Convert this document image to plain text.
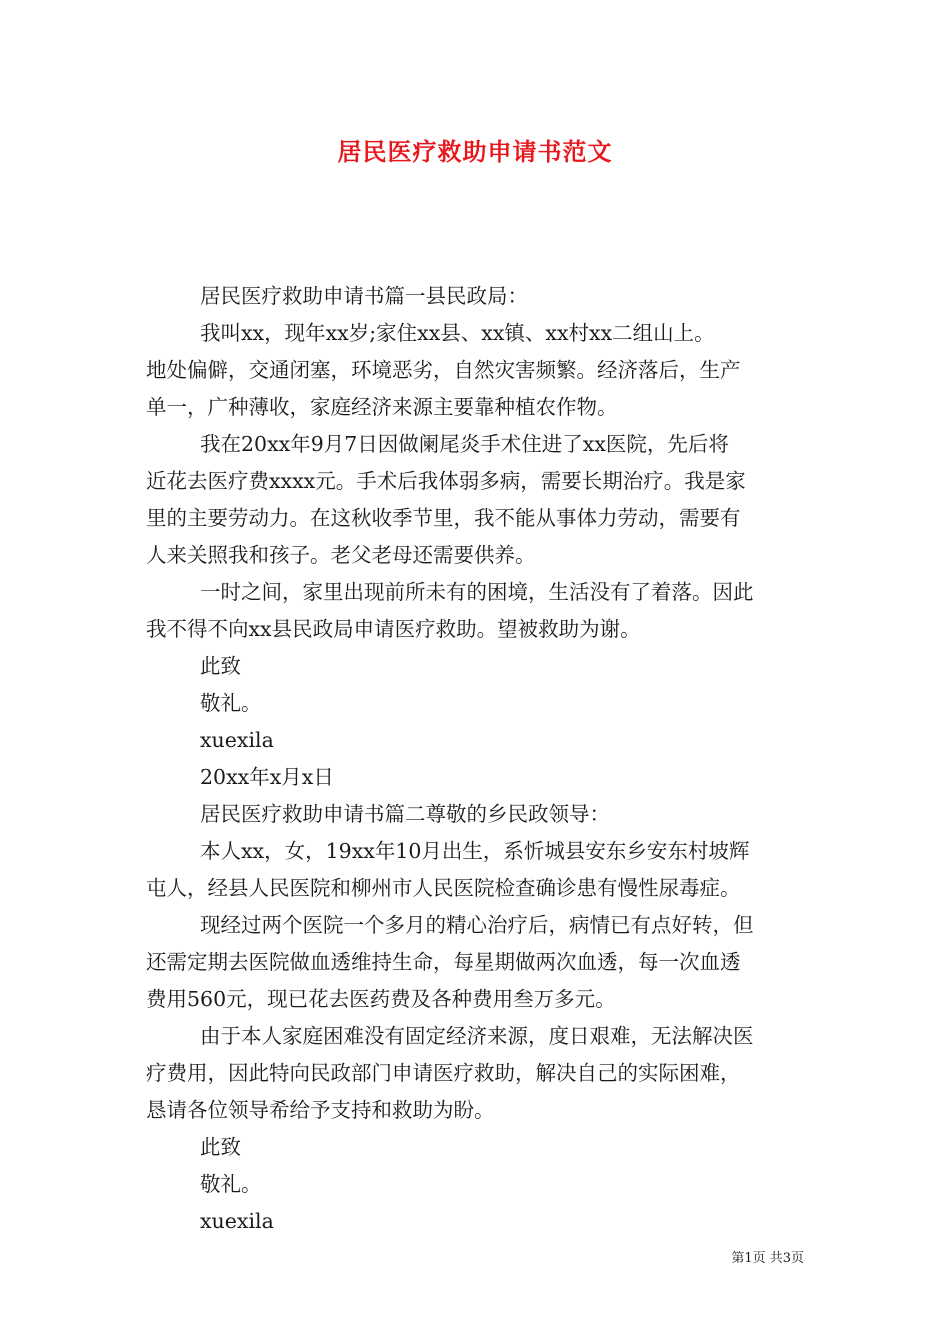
居民医疗救助申请书范文

居民医疗救助申请书篇一县民政局：

我叫xx，现年xx岁;家住xx县、xx镇、xx村xx二组山上。
地处偏僻，交通闭塞，环境恶劣，自然灾害频繁。经济落后，生产
单一，广种薄收，家庭经济来源主要靠种植农作物。

我在20xx年9月7日因做阑尾炎手术住进了xx医院，先后将
近花去医疗费xxxx元。手术后我体弱多病，需要长期治疗。我是家
里的主要劳动力。在这秋收季节里，我不能从事体力劳动，需要有
人来关照我和孩子。老父老母还需要供养。

一时之间，家里出现前所未有的困境，生活没有了着落。因此
我不得不向xx县民政局申请医疗救助。望被救助为谢。

此致

敬礼。

xuexila

20xx年x月x日

居民医疗救助申请书篇二尊敬的乡民政领导：

本人xx，女，19xx年10月出生，系忻城县安东乡安东村坡辉
屯人，经县人民医院和柳州市人民医院检查确诊患有慢性尿毒症。

现经过两个医院一个多月的精心治疗后，病情已有点好转，但
还需定期去医院做血透维持生命，每星期做两次血透，每一次血透
费用560元，现已花去医药费及各种费用叁万多元。

由于本人家庭困难没有固定经济来源，度日艰难，无法解决医
疗费用，因此特向民政部门申请医疗救助，解决自己的实际困难，
恳请各位领导希给予支持和救助为盼。

此致

敬礼。

xuexila

第1页 共3页
